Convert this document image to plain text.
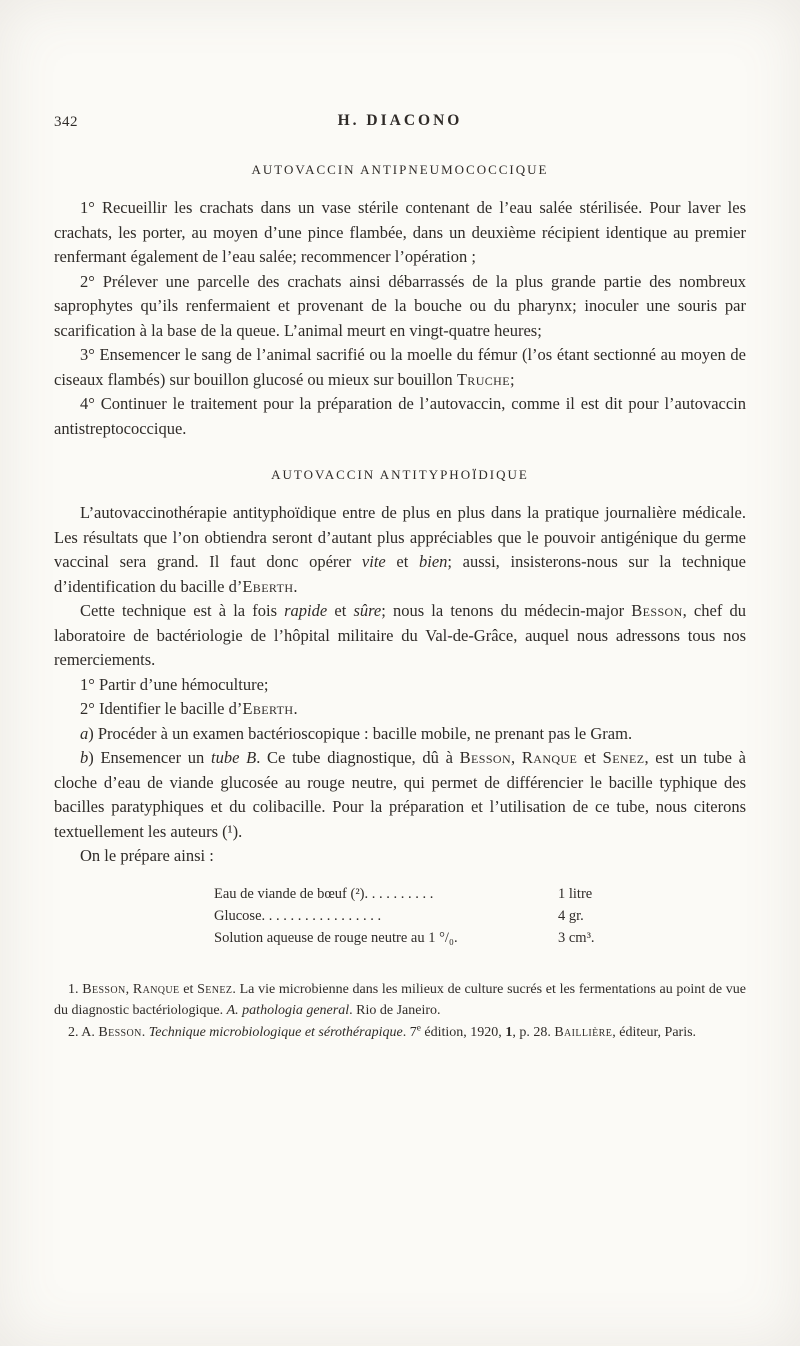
342	H. DIACONO
AUTOVACCIN ANTIPNEUMOCOCCIQUE

1° Recueillir les crachats dans un vase stérile contenant de l’eau salée stérilisée. Pour laver les crachats, les porter, au moyen d’une pince flambée, dans un deuxième récipient identique au premier renfermant également de l’eau salée; recommencer l’opération ;

2° Prélever une parcelle des crachats ainsi débarrassés de la plus grande partie des nombreux saprophytes qu’ils renfermaient et provenant de la bouche ou du pharynx; inoculer une souris par scarification à la base de la queue. L’animal meurt en vingt-quatre heures;

3° Ensemencer le sang de l’animal sacrifié ou la moelle du fémur (l’os étant sectionné au moyen de ciseaux flambés) sur bouillon glucosé ou mieux sur bouillon Truche;

4° Continuer le traitement pour la préparation de l’autovaccin, comme il est dit pour l’autovaccin antistreptococcique.

AUTOVACCIN ANTITYPHOÏDIQUE

L’autovaccinothérapie antityphoïdique entre de plus en plus dans la pratique journalière médicale. Les résultats que l’on obtiendra seront d’autant plus appréciables que le pouvoir antigénique du germe vaccinal sera grand. Il faut donc opérer vite et bien; aussi, insisterons-nous sur la technique d’identification du bacille d’Eberth.

Cette technique est à la fois rapide et sûre; nous la tenons du médecin-major Besson, chef du laboratoire de bactériologie de l’hôpital militaire du Val-de-Grâce, auquel nous adressons tous nos remerciements.

1° Partir d’une hémoculture;

2° Identifier le bacille d’Eberth.

a) Procéder à un examen bactérioscopique : bacille mobile, ne prenant pas le Gram.

b) Ensemencer un tube B. Ce tube diagnostique, dû à Besson, Ranque et Senez, est un tube à cloche d’eau de viande glucosée au rouge neutre, qui permet de différencier le bacille typhique des bacilles paratyphiques et du colibacille. Pour la préparation et l’utilisation de ce tube, nous citerons textuellement les auteurs (¹).

On le prépare ainsi :

Eau de viande de bœuf (²). . . . . . . . . .	1 litre
Glucose. . . . . . . . . . . . . . . . .	4 gr.
Solution aqueuse de rouge neutre au 1 °/₀.	3 cm³.

1. Besson, Ranque et Senez. La vie microbienne dans les milieux de culture sucrés et les fermentations au point de vue du diagnostic bactériologique. A. pathologia general. Rio de Janeiro.

2. A. Besson. Technique microbiologique et sérothérapique. 7e édition, 1920, 1, p. 28. Baillière, éditeur, Paris.
